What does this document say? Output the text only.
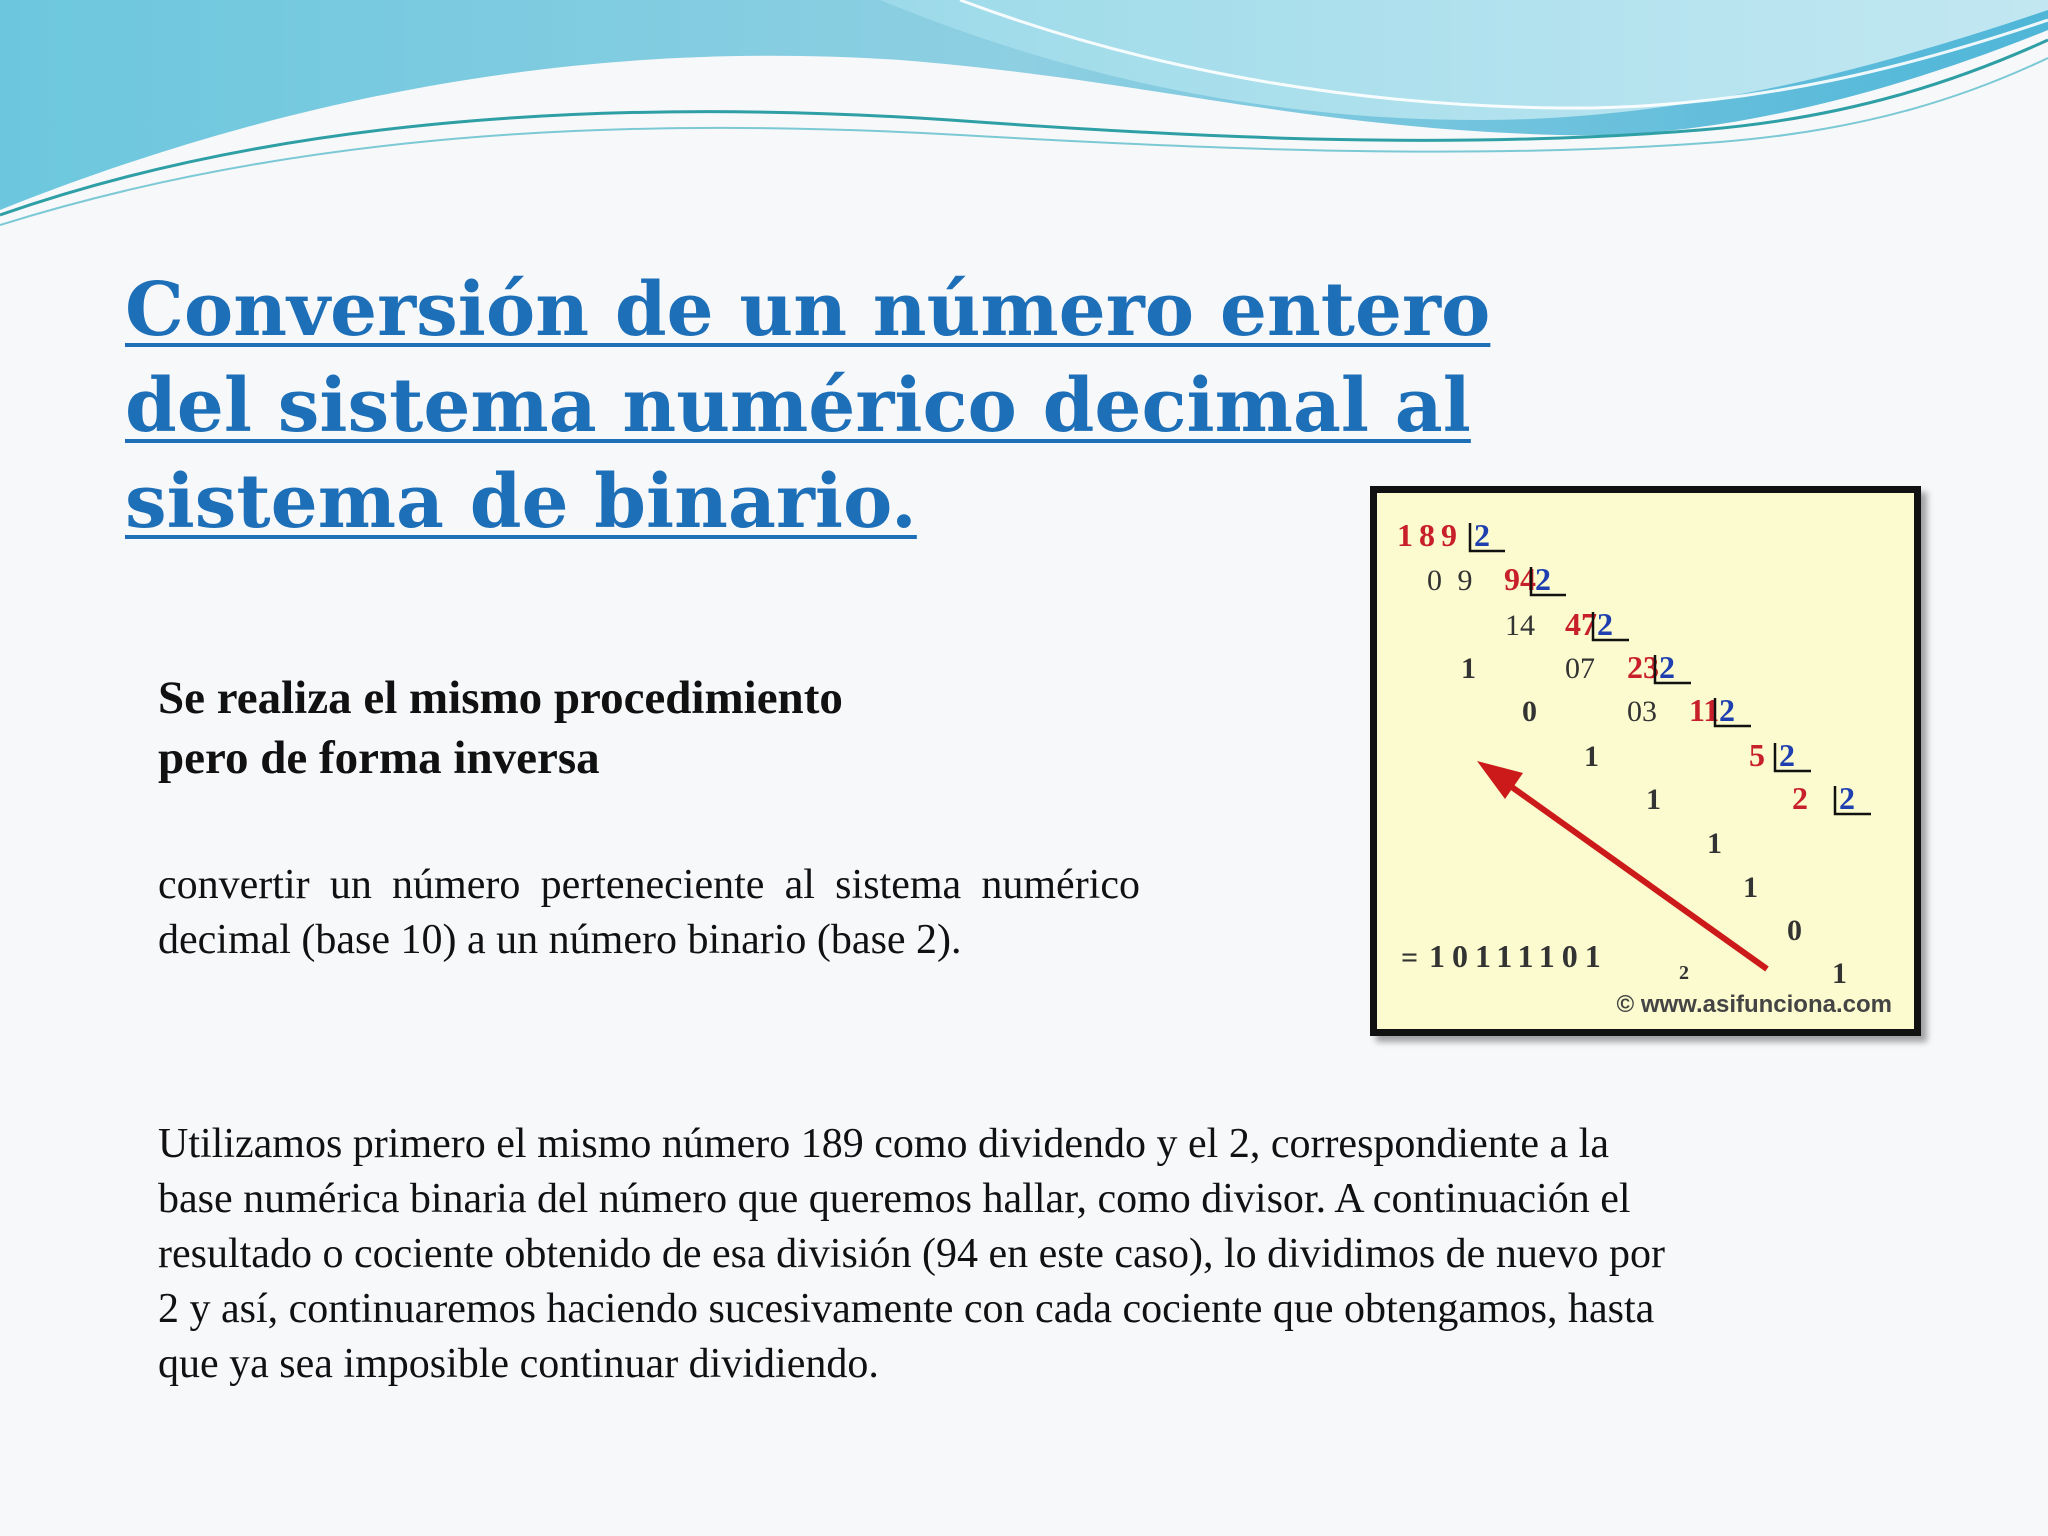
Conversión de un número entero
del sistema numérico decimal al
sistema de binario.
Se realiza el mismo procedimiento
pero de forma inversa

convertir un número perteneciente al sistema numérico decimal (base 10) a un número binario (base 2).

189
94
47
23
11
5
2
2
2
2
2
2
2
2
0 9
14
07
03
1
0
1
1
1
1
0
1
= 10111101	2
© www.asifunciona.com

Utilizamos primero el mismo número 189 como dividendo y el 2, correspondiente a la
base numérica binaria del número que queremos hallar, como divisor. A continuación el
resultado o cociente obtenido de esa división (94 en este caso), lo dividimos de nuevo por
2 y así, continuaremos haciendo sucesivamente con cada cociente que obtengamos, hasta
que ya sea imposible continuar dividiendo.
